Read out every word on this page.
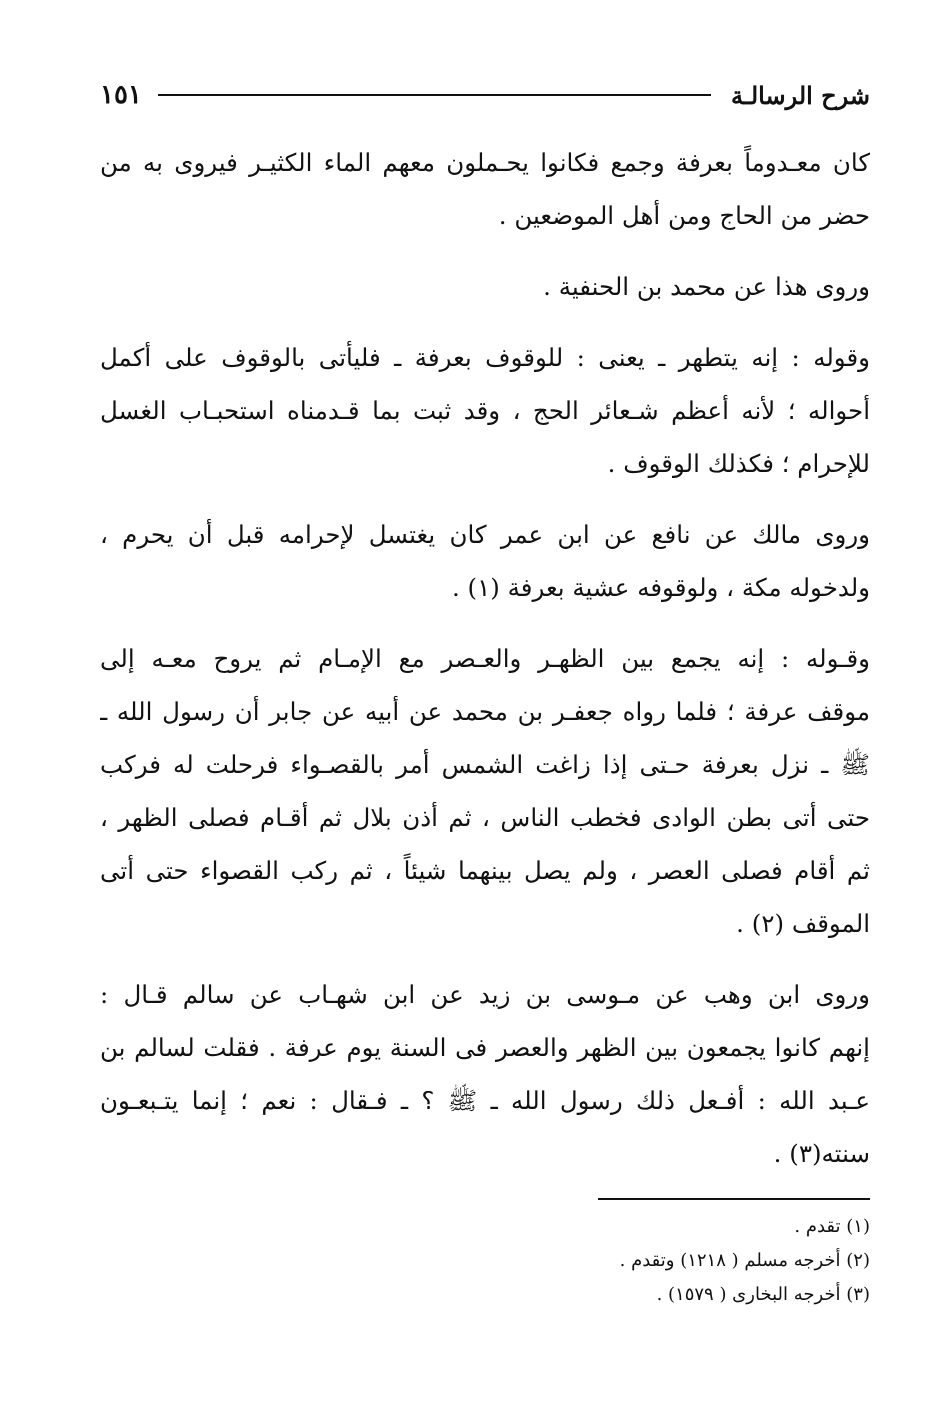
شرح الرسالـة
١٥١

كان معـدوماً بعرفة وجمع فكانوا يحـملون معهم الماء الكثيـر فيروى به من
حضر من الحاج ومن أهل الموضعين .

وروى هذا عن محمد بن الحنفية .

وقوله : إنه يتطهر ـ يعنى : للوقوف بعرفة ـ فليأتى بالوقوف على أكمل
أحواله ؛ لأنه أعظم شـعائر الحج ، وقد ثبت بما قـدمناه استحبـاب الغسل
للإحرام ؛ فكذلك الوقوف .

وروى مالك عن نافع عن ابن عمر كان يغتسل لإحرامه قبل أن يحرم ،
ولدخوله مكة ، ولوقوفه عشية بعرفة (١) .

وقـوله : إنه يجمع بين الظهـر والعـصر مع الإمـام ثم يروح معـه إلى
موقف عرفة ؛ فلما رواه جعفـر بن محمد عن أبيه عن جابر أن رسول الله ـ
ﷺ ـ نزل بعرفة حـتى إذا زاغت الشمس أمر بالقصـواء فرحلت له فركب
حتى أتى بطن الوادى فخطب الناس ، ثم أذن بلال ثم أقـام فصلى الظهر ،
ثم أقام فصلى العصر ، ولم يصل بينهما شيئاً ، ثم ركب القصواء حتى أتى
الموقف (٢) .

وروى ابن وهب عن مـوسى بن زيد عن ابن شهـاب عن سالم قـال :
إنهم كانوا يجمعون بين الظهر والعصر فى السنة يوم عرفة . فقلت لسالم بن
عـبد الله : أفـعل ذلك رسول الله ـ ﷺ ؟ ـ فـقال : نعم ؛ إنما يتـبعـون
سنته(٣) .

(١) تقدم .
(٢) أخرجه مسلم ( ١٢١٨) وتقدم .
(٣) أخرجه البخارى ( ١٥٧٩) .
